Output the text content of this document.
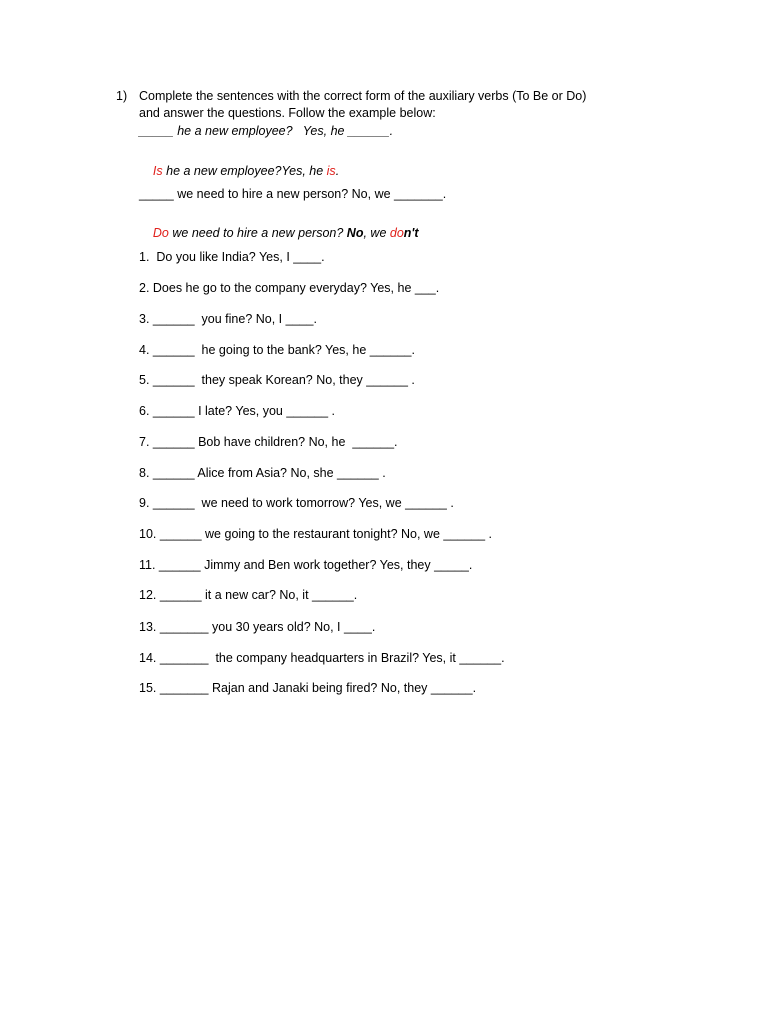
1) Complete the sentences with the correct form of the auxiliary verbs (To Be or Do)
and answer the questions. Follow the example below:
_____ he a new employee?   Yes, he ______.

Is he a new employee?Yes, he is.

_____ we need to hire a new person? No, we _______.

Do we need to hire a new person? No, we don't

1.  Do you like India? Yes, I ____.
2. Does he go to the company everyday? Yes, he ___.
3. ______  you fine? No, I ____.
4. ______  he going to the bank? Yes, he ______.
5. ______  they speak Korean? No, they ______ .
6. ______ I late? Yes, you ______ .
7. ______ Bob have children? No, he  ______.
8. ______ Alice from Asia? No, she ______ .
9. ______  we need to work tomorrow? Yes, we ______ .
10. ______ we going to the restaurant tonight? No, we ______ .
11. ______ Jimmy and Ben work together? Yes, they _____.
12. ______ it a new car? No, it ______.
13. _______ you 30 years old? No, I ____.
14. _______  the company headquarters in Brazil? Yes, it ______.
15. _______ Rajan and Janaki being fired? No, they ______.
